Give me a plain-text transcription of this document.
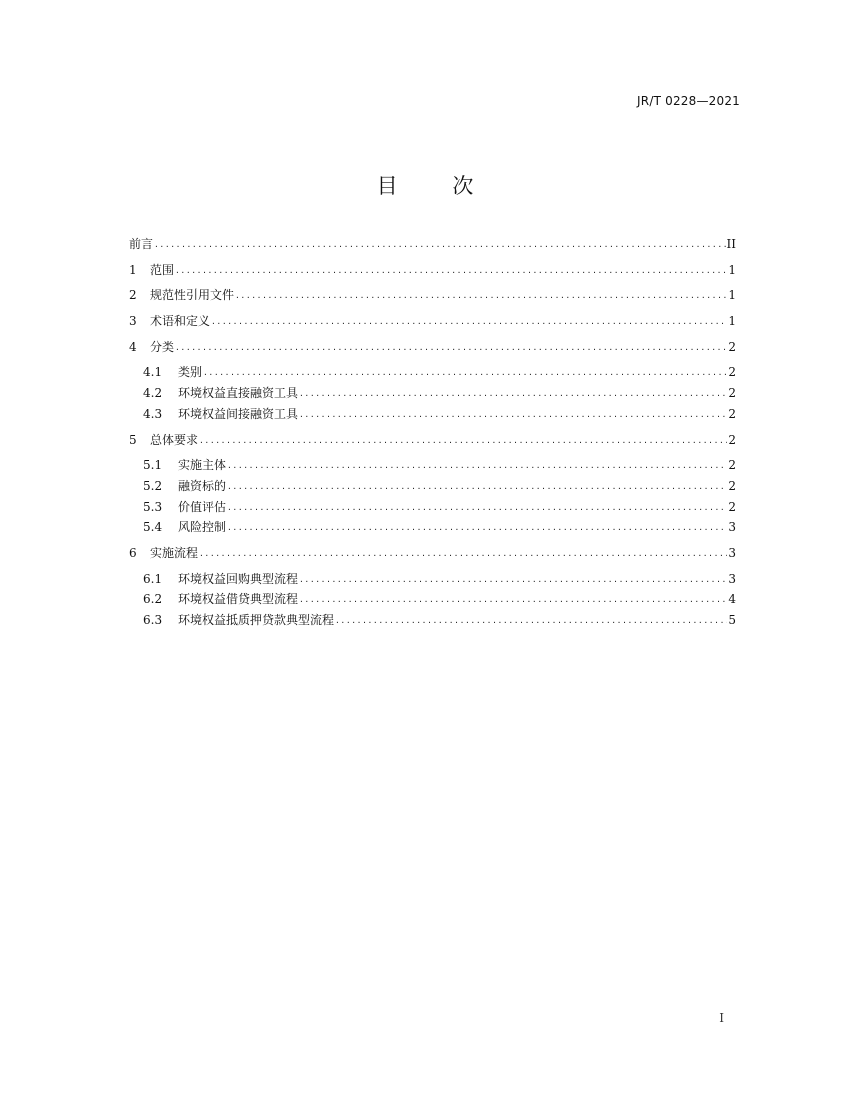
JR/T 0228—2021
目	次
前言 .....	II
1	范围 .....	1
2	规范性引用文件 .....	1
3	术语和定义 .....	1
4	分类 .....	2
4.1	类别 .....	2
4.2	环境权益直接融资工具 .....	2
4.3	环境权益间接融资工具 .....	2
5	总体要求 .....	2
5.1	实施主体 .....	2
5.2	融资标的 .....	2
5.3	价值评估 .....	2
5.4	风险控制 .....	3
6	实施流程 .....	3
6.1	环境权益回购典型流程 .....	3
6.2	环境权益借贷典型流程 .....	4
6.3	环境权益抵质押贷款典型流程 .....	5
I
